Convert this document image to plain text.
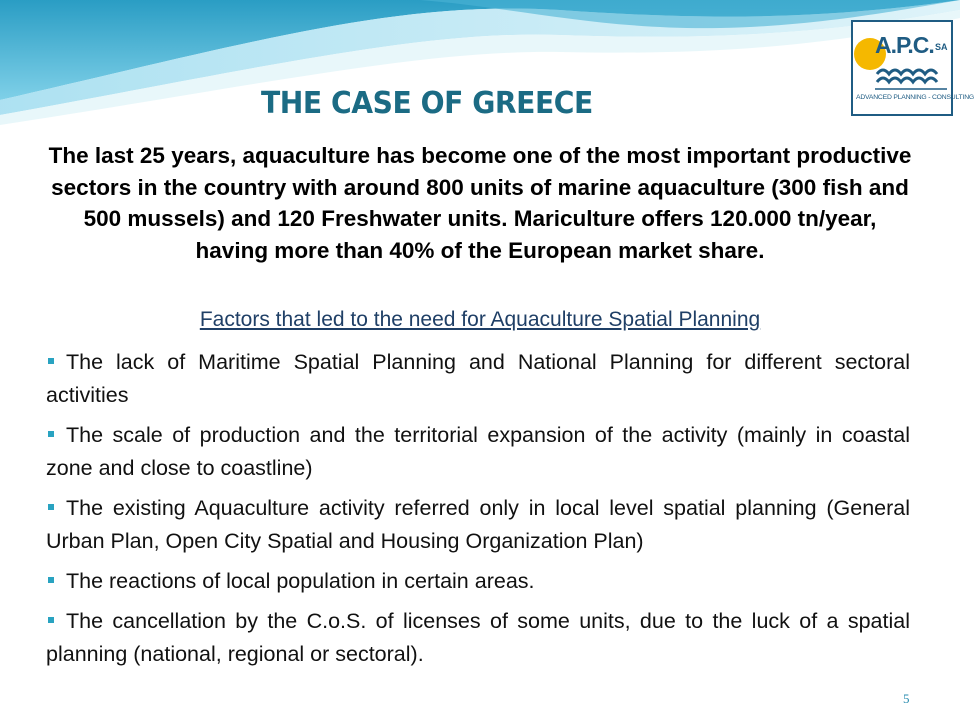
A.P.C. SA
ADVANCED PLANNING - CONSULTING
THE CASE OF GREECE
The last 25 years, aquaculture has become one of the most important productive sectors in the country with around 800 units of marine aquaculture (300 fish and 500 mussels) and 120 Freshwater units. Mariculture offers 120.000 tn/year, having more than 40% of the European market share.
Factors that led to the need for Aquaculture Spatial Planning
The lack of Maritime Spatial Planning and National Planning for different sectoral activities
The scale of production and the territorial expansion of the activity (mainly in coastal zone and close to coastline)
The existing Aquaculture activity referred only in local level spatial planning (General Urban Plan, Open City Spatial and Housing Organization Plan)
The reactions of local population in certain areas.
The cancellation by the C.o.S. of licenses of some units, due to the luck of a spatial planning (national, regional or sectoral).
5
